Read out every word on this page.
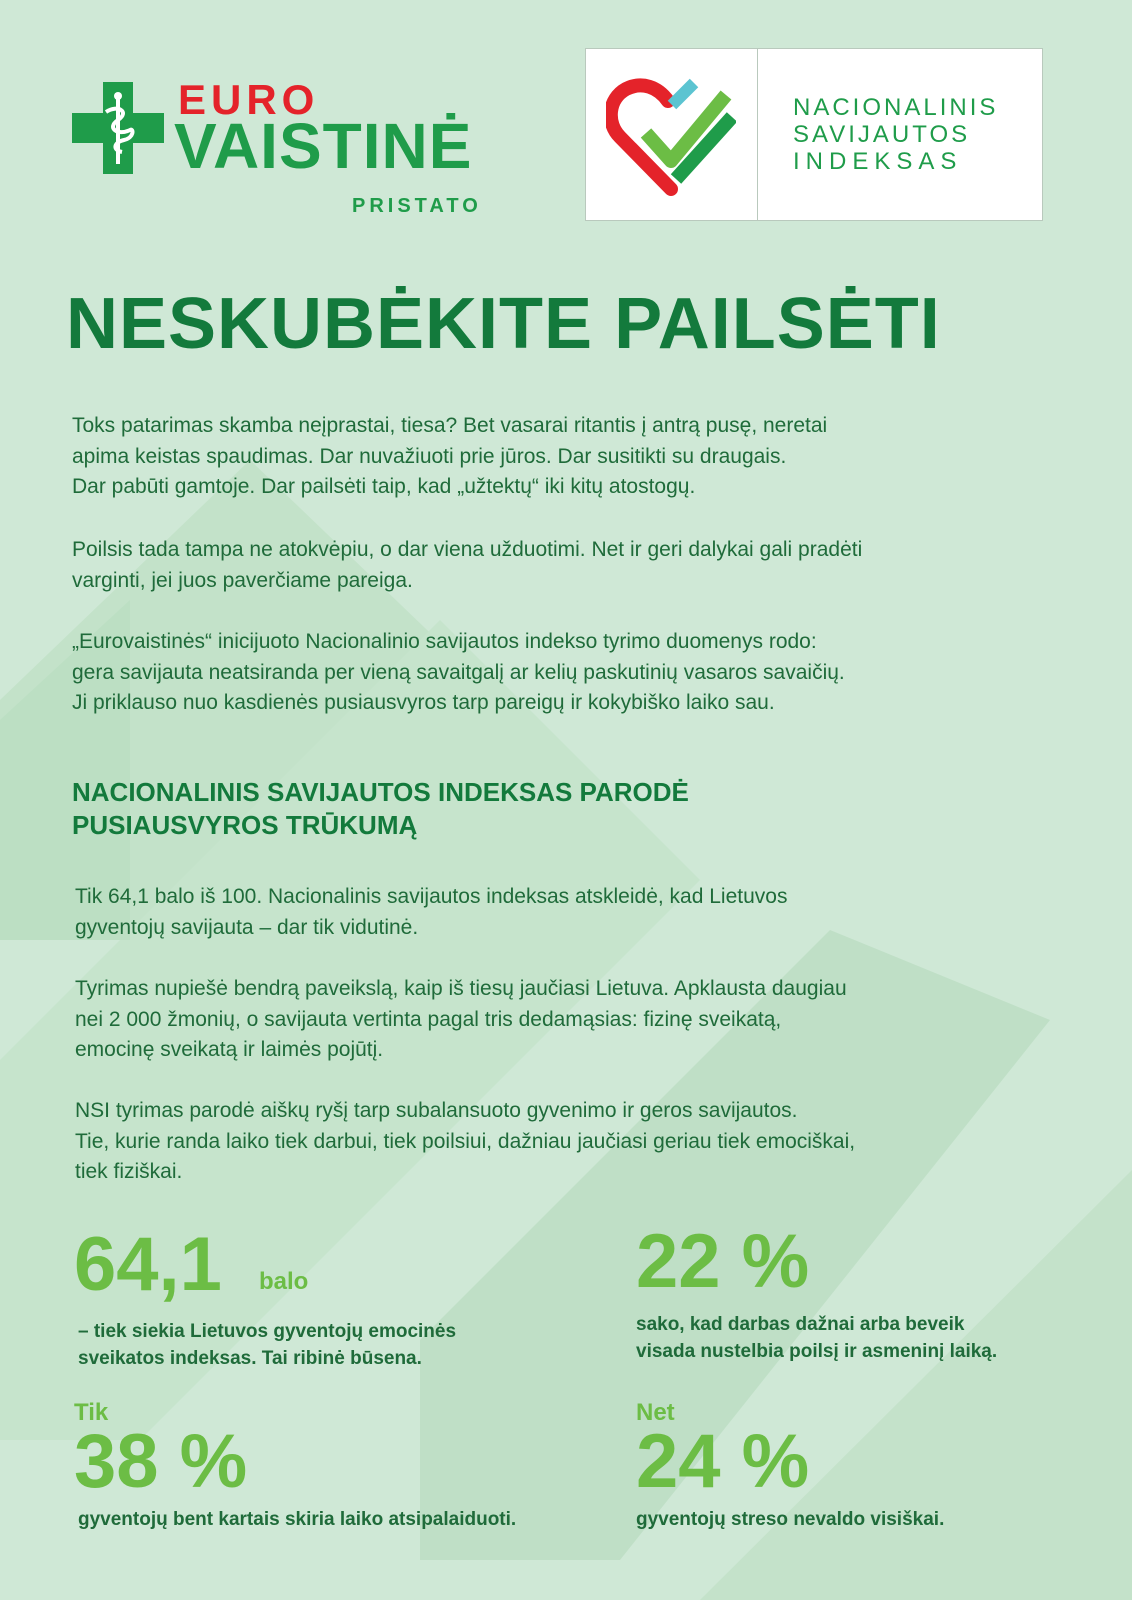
EURO
VAISTINĖ
PRISTATO
NACIONALINIS
SAVIJAUTOS
INDEKSAS
NESKUBĖKITE PAILSĖTI
Toks patarimas skamba neįprastai, tiesa? Bet vasarai ritantis į antrą pusę, neretai
apima keistas spaudimas. Dar nuvažiuoti prie jūros. Dar susitikti su draugais.
Dar pabūti gamtoje. Dar pailsėti taip, kad „užtektų“ iki kitų atostogų.
Poilsis tada tampa ne atokvėpiu, o dar viena užduotimi. Net ir geri dalykai gali pradėti
varginti, jei juos paverčiame pareiga.
„Eurovaistinės“ inicijuoto Nacionalinio savijautos indekso tyrimo duomenys rodo:
gera savijauta neatsiranda per vieną savaitgalį ar kelių paskutinių vasaros savaičių.
Ji priklauso nuo kasdienės pusiausvyros tarp pareigų ir kokybiško laiko sau.
NACIONALINIS SAVIJAUTOS INDEKSAS PARODĖ
PUSIAUSVYROS TRŪKUMĄ
Tik 64,1 balo iš 100. Nacionalinis savijautos indeksas atskleidė, kad Lietuvos
gyventojų savijauta – dar tik vidutinė.
Tyrimas nupiešė bendrą paveikslą, kaip iš tiesų jaučiasi Lietuva. Apklausta daugiau
nei 2 000 žmonių, o savijauta vertinta pagal tris dedamąsias: fizinę sveikatą,
emocinę sveikatą ir laimės pojūtį.
NSI tyrimas parodė aiškų ryšį tarp subalansuoto gyvenimo ir geros savijautos.
Tie, kurie randa laiko tiek darbui, tiek poilsiui, dažniau jaučiasi geriau tiek emociškai,
tiek fiziškai.
64,1 balo
– tiek siekia Lietuvos gyventojų emocinės
sveikatos indeksas. Tai ribinė būsena.
22 %
sako, kad darbas dažnai arba beveik
visada nustelbia poilsį ir asmeninį laiką.
Tik
38 %
gyventojų bent kartais skiria laiko atsipalaiduoti.
Net
24 %
gyventojų streso nevaldo visiškai.
